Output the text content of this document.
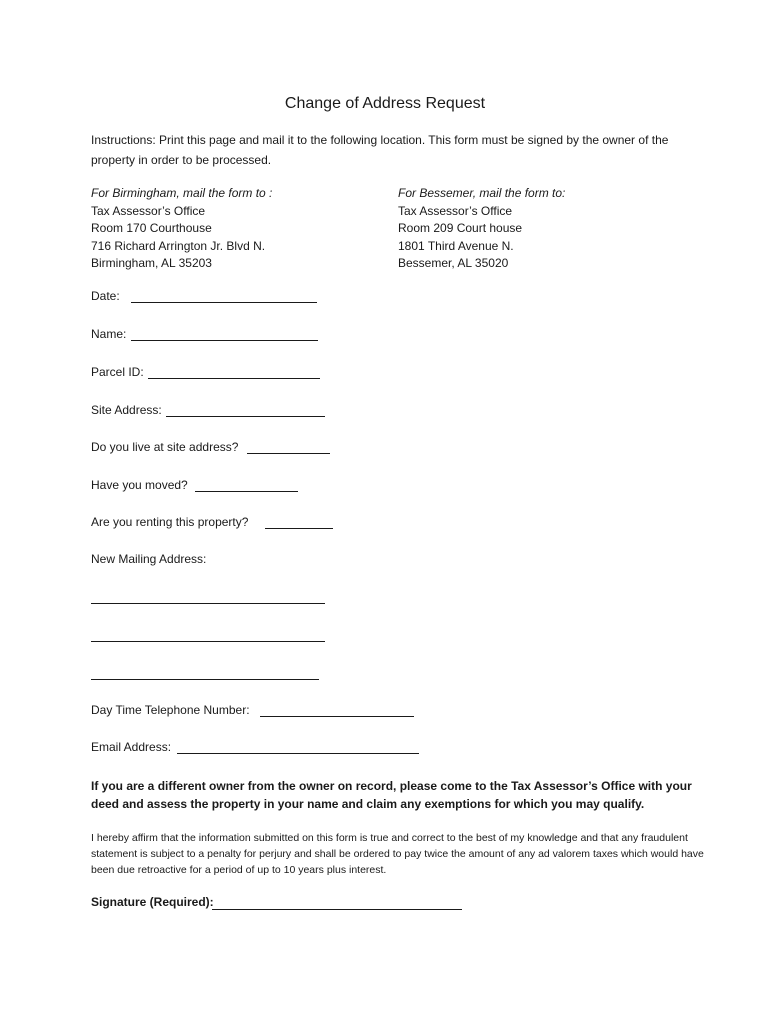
Change of Address Request

Instructions: Print this page and mail it to the following location. This form must be signed by the owner of the property in order to be processed.

For Birmingham, mail the form to :
Tax Assessor’s Office
Room 170 Courthouse
716 Richard Arrington Jr. Blvd N.
Birmingham, AL 35203
For Bessemer, mail the form to:
Tax Assessor’s Office
Room 209 Court house
1801 Third Avenue N.
Bessemer, AL 35020
Date:
Name:
Parcel ID:
Site Address:
Do you live at site address?
Have you moved?
Are you renting this property?
New Mailing Address:
Day Time Telephone Number:
Email Address:

If you are a different owner from the owner on record, please come to the Tax Assessor’s Office with your deed and assess the property in your name and claim any exemptions for which you may qualify.

I hereby affirm that the information submitted on this form is true and correct to the best of my knowledge and that any fraudulent statement is subject to a penalty for perjury and shall be ordered to pay twice the amount of any ad valorem taxes which would have been due retroactive for a period of up to 10 years plus interest.

Signature (Required):
